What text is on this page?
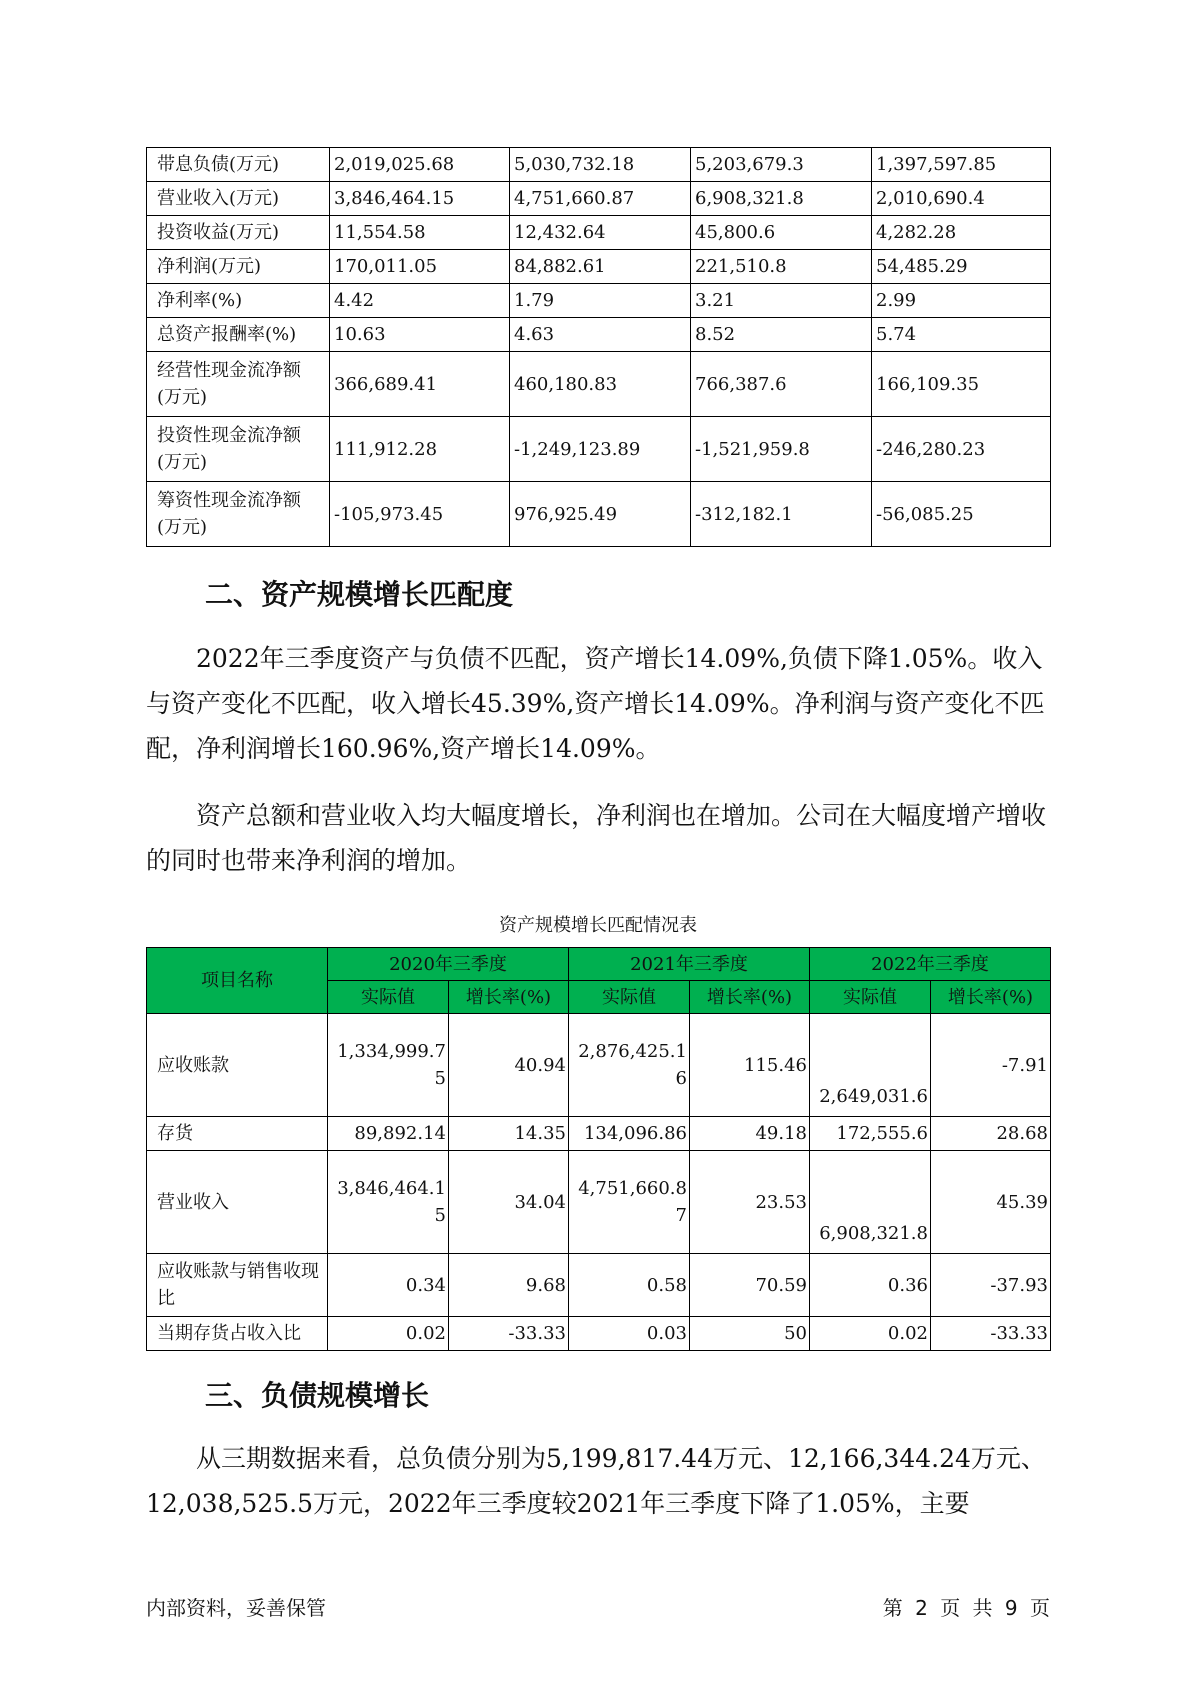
带息负债(万元)	2,019,025.68	5,030,732.18	5,203,679.3	1,397,597.85
营业收入(万元)	3,846,464.15	4,751,660.87	6,908,321.8	2,010,690.4
投资收益(万元)	11,554.58	12,432.64	45,800.6	4,282.28
净利润(万元)	170,011.05	84,882.61	221,510.8	54,485.29
净利率(%)	4.42	1.79	3.21	2.99
总资产报酬率(%)	10.63	4.63	8.52	5.74
经营性现金流净额(万元)	366,689.41	460,180.83	766,387.6	166,109.35
投资性现金流净额(万元)	111,912.28	-1,249,123.89	-1,521,959.8	-246,280.23
筹资性现金流净额(万元)	-105,973.45	976,925.49	-312,182.1	-56,085.25
二、资产规模增长匹配度

2022年三季度资产与负债不匹配，资产增长14.09%,负债下降1.05%。收入与资产变化不匹配，收入增长45.39%,资产增长14.09%。净利润与资产变化不匹配，净利润增长160.96%,资产增长14.09%。

资产总额和营业收入均大幅度增长，净利润也在增加。公司在大幅度增产增收的同时也带来净利润的增加。

资产规模增长匹配情况表
项目名称	2020年三季度		2021年三季度		2022年三季度	
	实际值	增长率(%)	实际值	增长率(%)	实际值	增长率(%)
应收账款	1,334,999.75	40.94	2,876,425.16	115.46	2,649,031.6	-7.91
存货	89,892.14	14.35	134,096.86	49.18	172,555.6	28.68
营业收入	3,846,464.15	34.04	4,751,660.87	23.53	6,908,321.8	45.39
应收账款与销售收现比	0.34	9.68	0.58	70.59	0.36	-37.93
当期存货占收入比	0.02	-33.33	0.03	50	0.02	-33.33
三、负债规模增长

从三期数据来看，总负债分别为5,199,817.44万元、12,166,344.24万元、12,038,525.5万元，2022年三季度较2021年三季度下降了1.05%，主要

内部资料，妥善保管	第 2 页 共 9 页
